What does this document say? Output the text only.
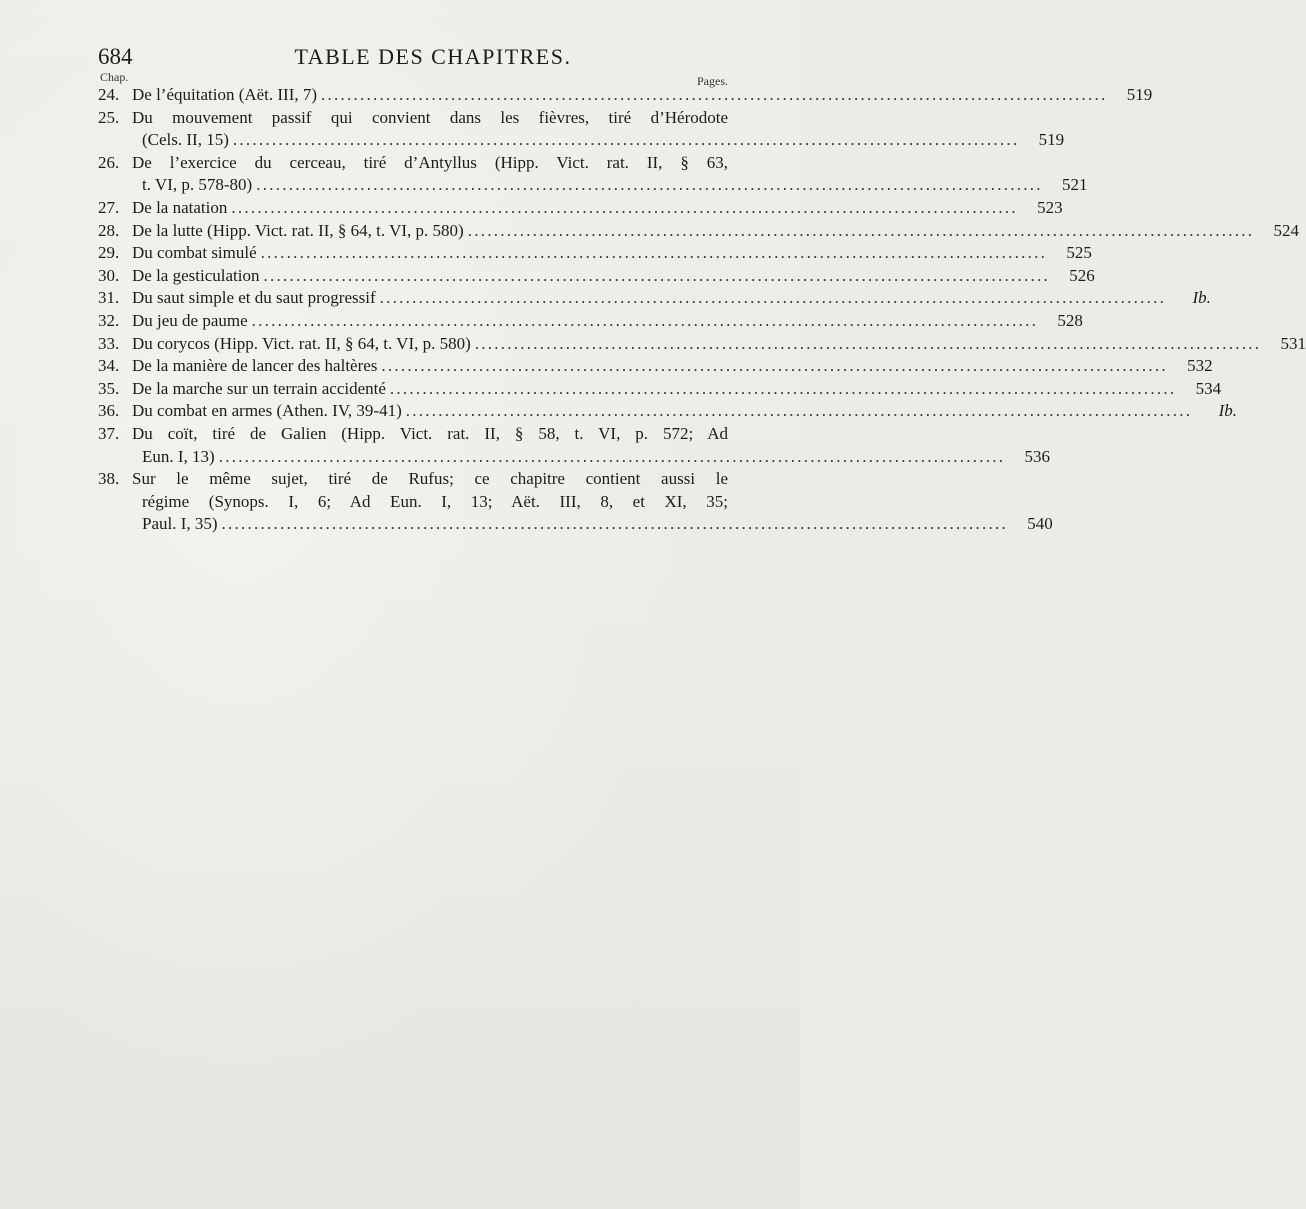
684	TABLE DES CHAPITRES.
Chap.	Pages.
24. De l’équitation (Aët. III, 7) . . .	519
25. Du mouvement passif qui convient dans les fièvres, tiré d’Hérodote
(Cels. II, 15) . . .	519
26. De l’exercice du cerceau, tiré d’Antyllus (Hipp. Vict. rat. II, § 63,
t. VI, p. 578-80) . . .	521
27. De la natation . . .	523
28. De la lutte (Hipp. Vict. rat. II, § 64, t. VI, p. 580) . . .	524
29. Du combat simulé . . .	525
30. De la gesticulation . . .	526
31. Du saut simple et du saut progressif . . .	Ib.
32. Du jeu de paume . . .	528
33. Du corycos (Hipp. Vict. rat. II, § 64, t. VI, p. 580) . . .	531
34. De la manière de lancer des haltères . . .	532
35. De la marche sur un terrain accidenté . . .	534
36. Du combat en armes (Athen. IV, 39-41) . . .	Ib.
37. Du coït, tiré de Galien (Hipp. Vict. rat. II, § 58, t. VI, p. 572; Ad
Eun. I, 13) . . .	536
38. Sur le même sujet, tiré de Rufus; ce chapitre contient aussi le
régime (Synops. I, 6; Ad Eun. I, 13; Aët. III, 8, et XI, 35;
Paul. I, 35) . . .	540
